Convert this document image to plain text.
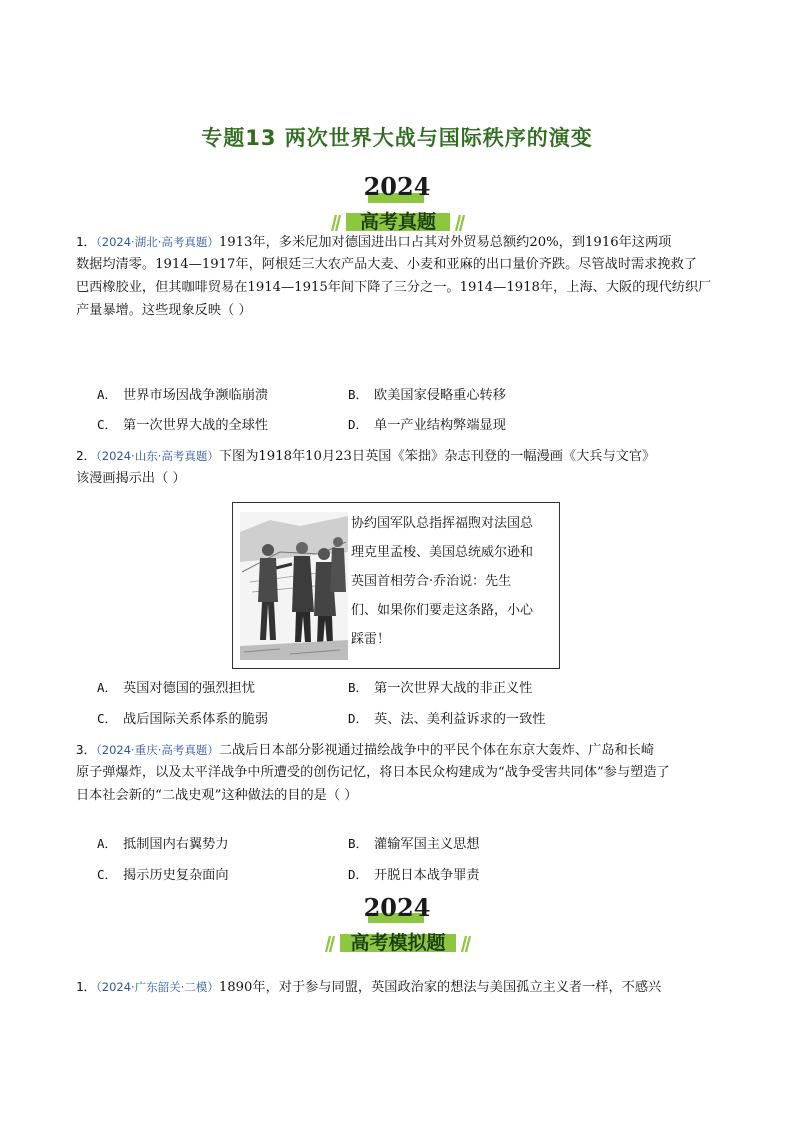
专题13 两次世界大战与国际秩序的演变
2024
高考真题
1．（2024·湖北·高考真题）1913年，多米尼加对德国进出口占其对外贸易总额约20%，到1916年这两项
数据均清零。1914—1917年，阿根廷三大农产品大麦、小麦和亚麻的出口量价齐跌。尽管战时需求挽救了
巴西橡胶业，但其咖啡贸易在1914—1915年间下降了三分之一。1914—1918年，上海、大阪的现代纺织厂
产量暴增。这些现象反映（ ）
A． 世界市场因战争濒临崩溃	B． 欧美国家侵略重心转移
C． 第一次世界大战的全球性	D． 单一产业结构弊端显现
2．（2024·山东·高考真题）下图为1918年10月23日英国《笨拙》杂志刊登的一幅漫画《大兵与文官》
该漫画揭示出（ ）
协约国军队总指挥福煦对法国总
理克里孟梭、美国总统威尔逊和
英国首相劳合·乔治说：先生
们、如果你们要走这条路，小心
踩雷！
A． 英国对德国的强烈担忧	B． 第一次世界大战的非正义性
C． 战后国际关系体系的脆弱	D． 英、法、美利益诉求的一致性
3．（2024·重庆·高考真题）二战后日本部分影视通过描绘战争中的平民个体在东京大轰炸、广岛和长崎
原子弹爆炸，以及太平洋战争中所遭受的创伤记忆，将日本民众构建成为“战争受害共同体”参与塑造了
日本社会新的“二战史观”这种做法的目的是（ ）
A． 抵制国内右翼势力	B． 灌输军国主义思想
C． 揭示历史复杂面向	D． 开脱日本战争罪责
2024
高考模拟题
1．（2024·广东韶关·二模）1890年，对于参与同盟，英国政治家的想法与美国孤立主义者一样，不感兴
